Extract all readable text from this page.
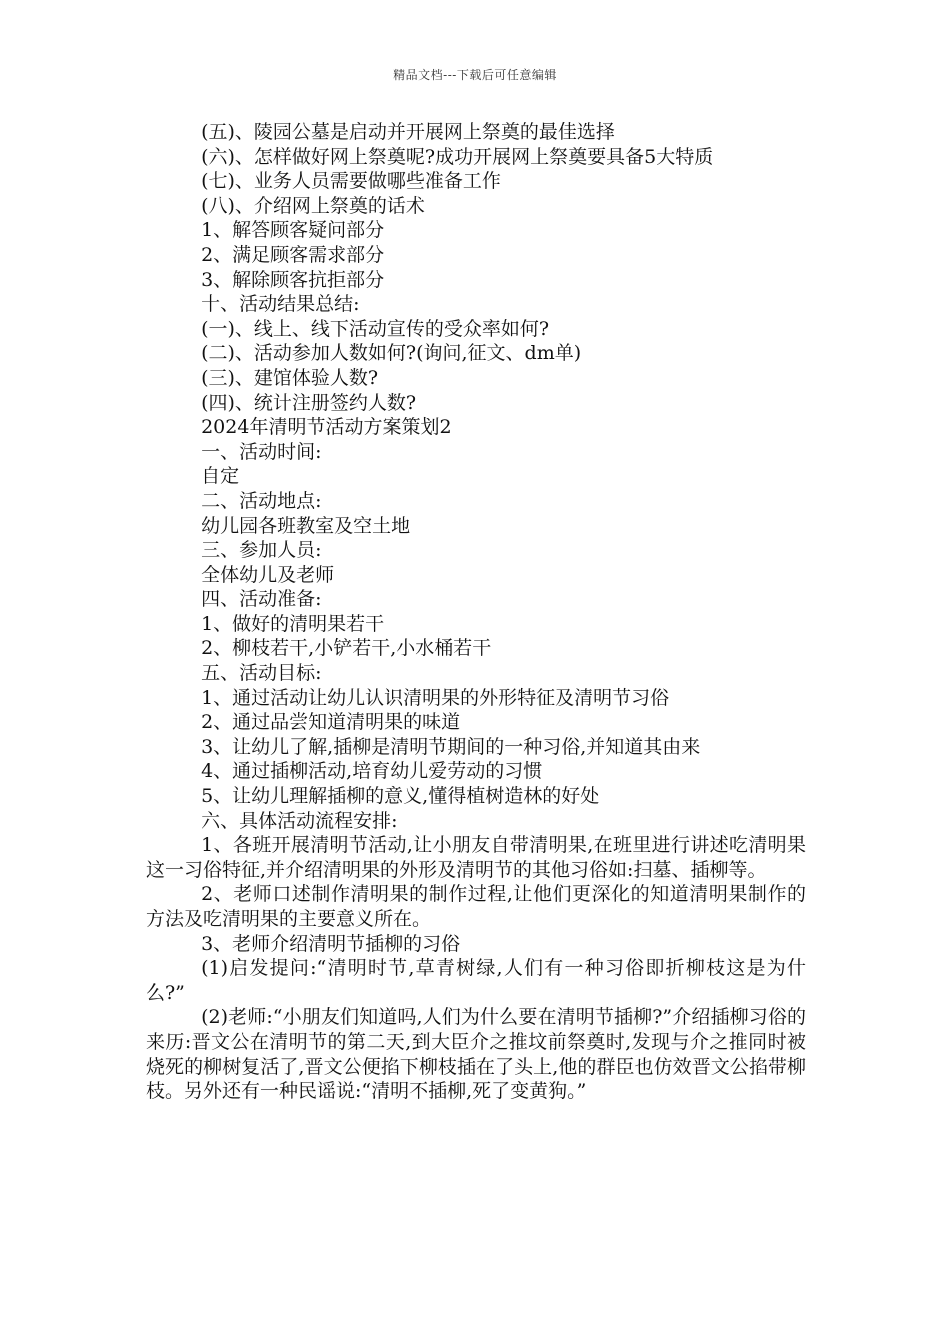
精品文档---下载后可任意编辑

(五)、陵园公墓是启动并开展网上祭奠的最佳选择

(六)、怎样做好网上祭奠呢?成功开展网上祭奠要具备5大特质

(七)、业务人员需要做哪些准备工作

(八)、介绍网上祭奠的话术

1、解答顾客疑问部分

2、满足顾客需求部分

3、解除顾客抗拒部分

十、活动结果总结:

(一)、线上、线下活动宣传的受众率如何?

(二)、活动参加人数如何?(询问,征文、dm单)

(三)、建馆体验人数?

(四)、统计注册签约人数?

2024年清明节活动方案策划2

一、活动时间:

自定

二、活动地点:

幼儿园各班教室及空土地

三、参加人员:

全体幼儿及老师

四、活动准备:

1、做好的清明果若干

2、柳枝若干,小铲若干,小水桶若干

五、活动目标:

1、通过活动让幼儿认识清明果的外形特征及清明节习俗

2、通过品尝知道清明果的味道

3、让幼儿了解,插柳是清明节期间的一种习俗,并知道其由来

4、通过插柳活动,培育幼儿爱劳动的习惯

5、让幼儿理解插柳的意义,懂得植树造林的好处

六、具体活动流程安排:

1、各班开展清明节活动,让小朋友自带清明果,在班里进行讲述吃清明果这一习俗特征,并介绍清明果的外形及清明节的其他习俗如:扫墓、插柳等。

2、老师口述制作清明果的制作过程,让他们更深化的知道清明果制作的方法及吃清明果的主要意义所在。

3、老师介绍清明节插柳的习俗

(1)启发提问:“清明时节,草青树绿,人们有一种习俗即折柳枝这是为什么?”

(2)老师:“小朋友们知道吗,人们为什么要在清明节插柳?”介绍插柳习俗的来历:晋文公在清明节的第二天,到大臣介之推坟前祭奠时,发现与介之推同时被烧死的柳树复活了,晋文公便掐下柳枝插在了头上,他的群臣也仿效晋文公掐带柳枝。另外还有一种民谣说:“清明不插柳,死了变黄狗。”
